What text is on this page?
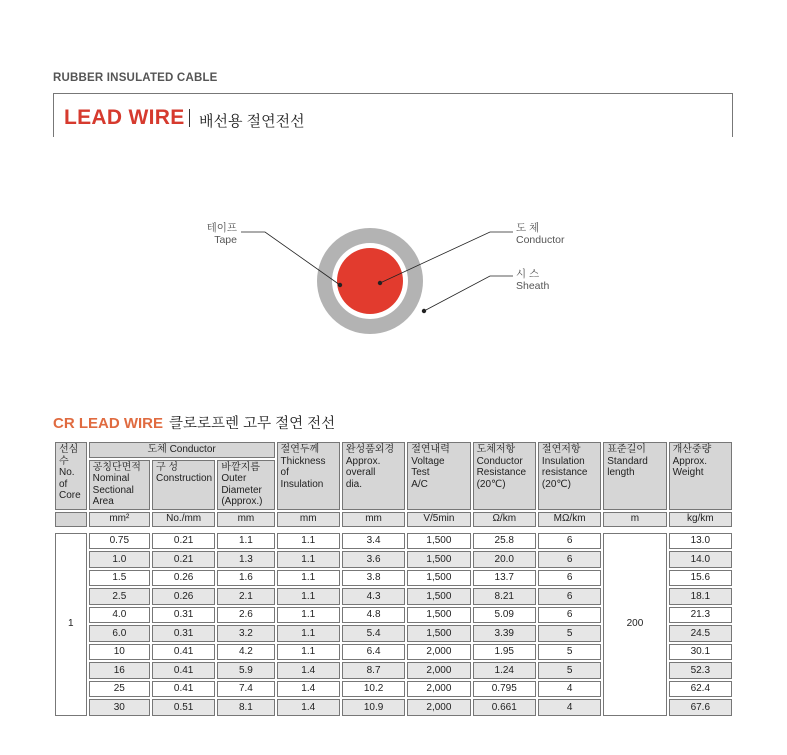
RUBBER INSULATED CABLE
LEAD WIRE 배선용 절연전선
테이프
Tape
도 체
Conductor
시 스
Sheath
CR LEAD WIRE 클로로프렌 고무 절연 전선
선심수
No.
of
Core	도체 Conductor			절연두께
Thickness
of
Insulation	완성품외경
Approx.
overall
dia.	절연내력
Voltage
Test
A/C	도체저항
Conductor
Resistance
(20℃)	절연저항
Insulation
resistance
(20℃)	표준길이
Standard
length	개산중량
Approx.
Weight
	공칭단면적
Nominal
Sectional
Area	구 성
Construction	바깥지름
Outer
Diameter
(Approx.)							
	mm²	No./mm	mm	mm	mm	V/5min	Ω/km	MΩ/km	m	kg/km

1	0.75	0.21	1.1	1.1	3.4	1,500	25.8	6	200	13.0
	1.0	0.21	1.3	1.1	3.6	1,500	20.0	6		14.0
	1.5	0.26	1.6	1.1	3.8	1,500	13.7	6		15.6
	2.5	0.26	2.1	1.1	4.3	1,500	8.21	6		18.1
	4.0	0.31	2.6	1.1	4.8	1,500	5.09	6		21.3
	6.0	0.31	3.2	1.1	5.4	1,500	3.39	5		24.5
	10	0.41	4.2	1.1	6.4	2,000	1.95	5		30.1
	16	0.41	5.9	1.4	8.7	2,000	1.24	5		52.3
	25	0.41	7.4	1.4	10.2	2,000	0.795	4		62.4
	30	0.51	8.1	1.4	10.9	2,000	0.661	4		67.6
